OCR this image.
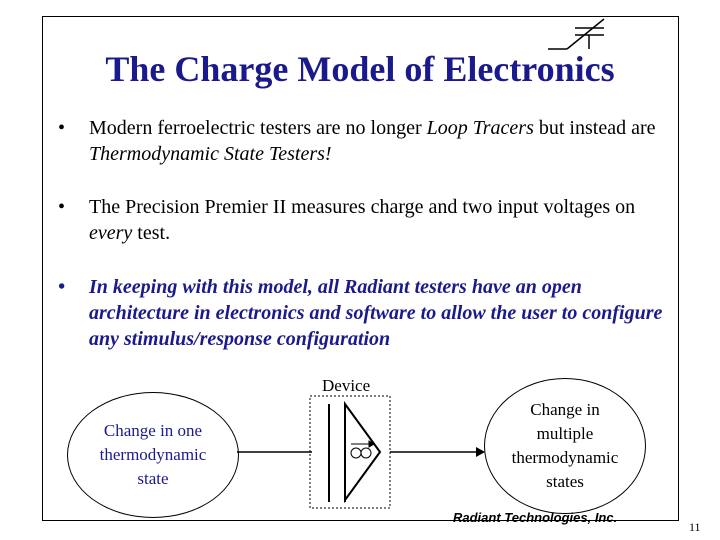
The Charge Model of Electronics
• Modern ferroelectric testers are no longer Loop Tracers but instead are Thermodynamic State Testers!
• The Precision Premier II measures charge and two input voltages on every test.
• In keeping with this model, all Radiant testers have an open architecture in electronics and software to allow the user to configure any stimulus/response configuration
Change in one thermodynamic state
Device
Change in multiple thermodynamic states
Radiant Technologies, Inc.
11
